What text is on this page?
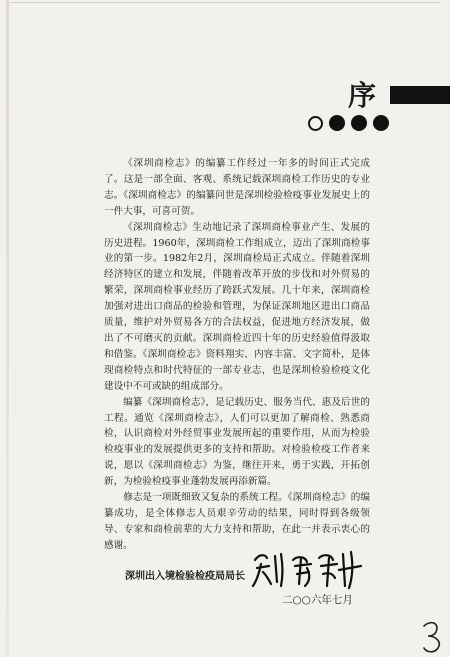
序

《深圳商检志》的编纂工作经过一年多的时间正式完成了。这是一部全面、客观、系统记载深圳商检工作历史的专业志。《深圳商检志》的编纂问世是深圳检验检疫事业发展史上的一件大事，可喜可贺。

《深圳商检志》生动地记录了深圳商检事业产生、发展的历史进程。1960年，深圳商检工作组成立，迈出了深圳商检事业的第一步。1982年2月，深圳商检局正式成立。伴随着深圳经济特区的建立和发展，伴随着改革开放的步伐和对外贸易的繁荣，深圳商检事业经历了跨跃式发展。几十年来，深圳商检加强对进出口商品的检验和管理，为保证深圳地区进出口商品质量，维护对外贸易各方的合法权益，促进地方经济发展，做出了不可磨灭的贡献。深圳商检近四十年的历史经验值得汲取和借鉴。《深圳商检志》资料翔实、内容丰富、文字简朴，是体现商检特点和时代特征的一部专业志，也是深圳检验检疫文化建设中不可或缺的组成部分。

编纂《深圳商检志》，是记载历史、服务当代、惠及后世的工程。通览《深圳商检志》，人们可以更加了解商检、熟悉商检，认识商检对外经贸事业发展所起的重要作用，从而为检验检疫事业的发展提供更多的支持和帮助。对检验检疫工作者来说，愿以《深圳商检志》为鉴，继往开来，勇于实践，开拓创新，为检验检疫事业蓬勃发展再添新篇。

修志是一项既细致又复杂的系统工程。《深圳商检志》的编纂成功，是全体修志人员艰辛劳动的结果，同时得到各级领导、专家和商检前辈的大力支持和帮助，在此一并表示衷心的感谢。

深圳出入境检验检疫局局长
二○○六年七月
